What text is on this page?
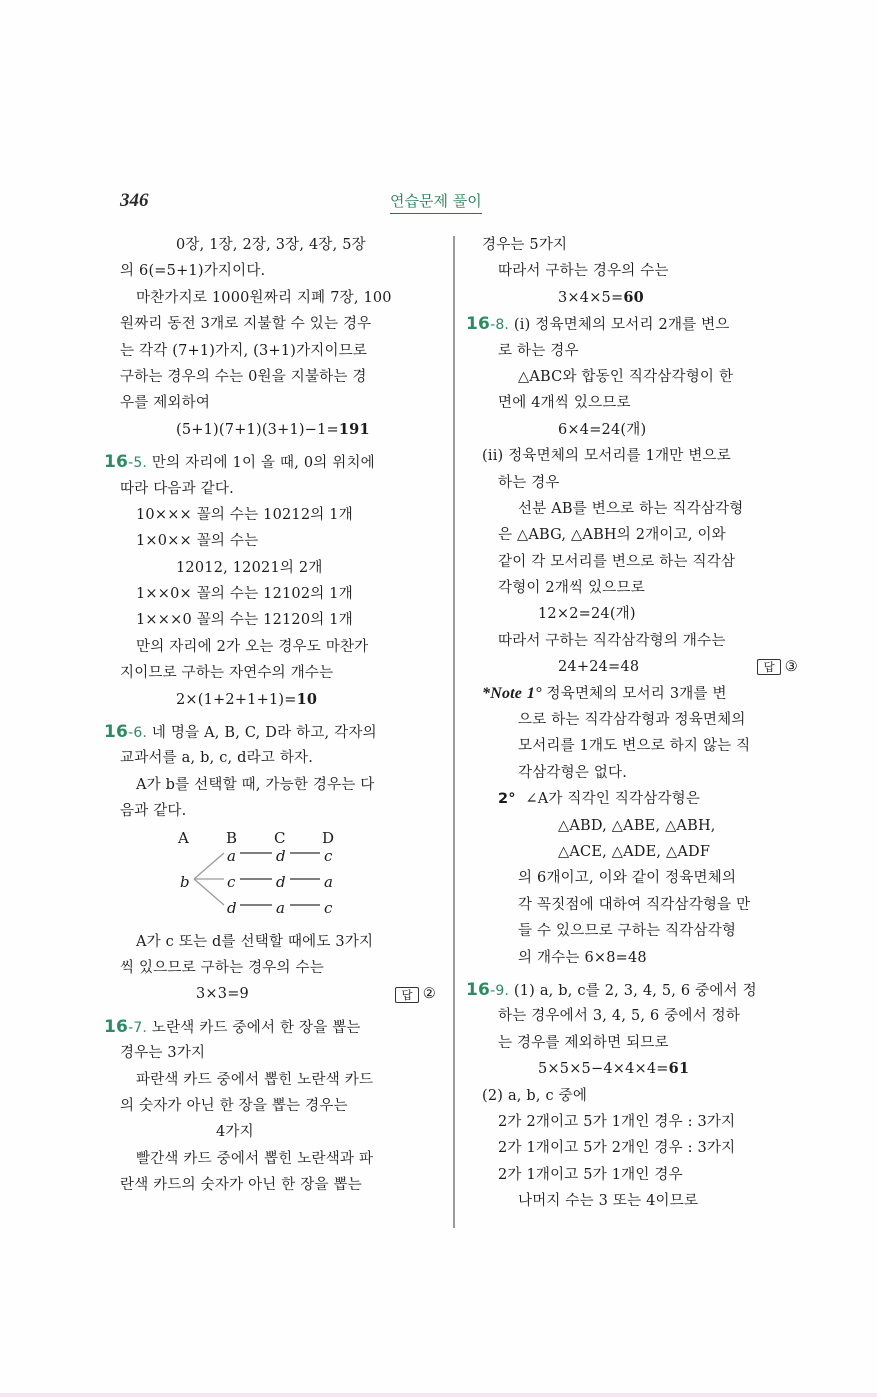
346	연습문제 풀이
0장, 1장, 2장, 3장, 4장, 5장
의 6(=5+1)가지이다.
마찬가지로 1000원짜리 지폐 7장, 100
원짜리 동전 3개로 지불할 수 있는 경우
는 각각 (7+1)가지, (3+1)가지이므로
구하는 경우의 수는 0원을 지불하는 경
우를 제외하여
(5+1)(7+1)(3+1)−1=191
16-5. 만의 자리에 1이 올 때, 0의 위치에
따라 다음과 같다.
10××× 꼴의 수는 10212의 1개
1×0×× 꼴의 수는
12012, 12021의 2개
1××0× 꼴의 수는 12102의 1개
1×××0 꼴의 수는 12120의 1개
만의 자리에 2가 오는 경우도 마찬가
지이므로 구하는 자연수의 개수는
2×(1+2+1+1)=10
16-6. 네 명을 A, B, C, D라 하고, 각자의
교과서를 a, b, c, d라고 하자.
A가 b를 선택할 때, 가능한 경우는 다
음과 같다.
A B C D
b
a	d	c
c	d	a
d	a	c
A가 c 또는 d를 선택할 때에도 3가지
씩 있으므로 구하는 경우의 수는
3×3=9	답 ②
16-7. 노란색 카드 중에서 한 장을 뽑는
경우는 3가지
파란색 카드 중에서 뽑힌 노란색 카드
의 숫자가 아닌 한 장을 뽑는 경우는
4가지
빨간색 카드 중에서 뽑힌 노란색과 파
란색 카드의 숫자가 아닌 한 장을 뽑는
경우는 5가지
따라서 구하는 경우의 수는
3×4×5=60
16-8. (i) 정육면체의 모서리 2개를 변으
로 하는 경우
△ABC와 합동인 직각삼각형이 한
면에 4개씩 있으므로
6×4=24(개)
(ii) 정육면체의 모서리를 1개만 변으로
하는 경우
선분 AB를 변으로 하는 직각삼각형
은 △ABG, △ABH의 2개이고, 이와
같이 각 모서리를 변으로 하는 직각삼
각형이 2개씩 있으므로
12×2=24(개)
따라서 구하는 직각삼각형의 개수는
24+24=48	답 ③
*Note 1° 정육면체의 모서리 3개를 변
으로 하는 직각삼각형과 정육면체의
모서리를 1개도 변으로 하지 않는 직
각삼각형은 없다.
2° ∠A가 직각인 직각삼각형은
△ABD, △ABE, △ABH,
△ACE, △ADE, △ADF
의 6개이고, 이와 같이 정육면체의
각 꼭짓점에 대하여 직각삼각형을 만
들 수 있으므로 구하는 직각삼각형
의 개수는 6×8=48
16-9. (1) a, b, c를 2, 3, 4, 5, 6 중에서 정
하는 경우에서 3, 4, 5, 6 중에서 정하
는 경우를 제외하면 되므로
5×5×5−4×4×4=61
(2) a, b, c 중에
2가 2개이고 5가 1개인 경우 : 3가지
2가 1개이고 5가 2개인 경우 : 3가지
2가 1개이고 5가 1개인 경우
나머지 수는 3 또는 4이므로
